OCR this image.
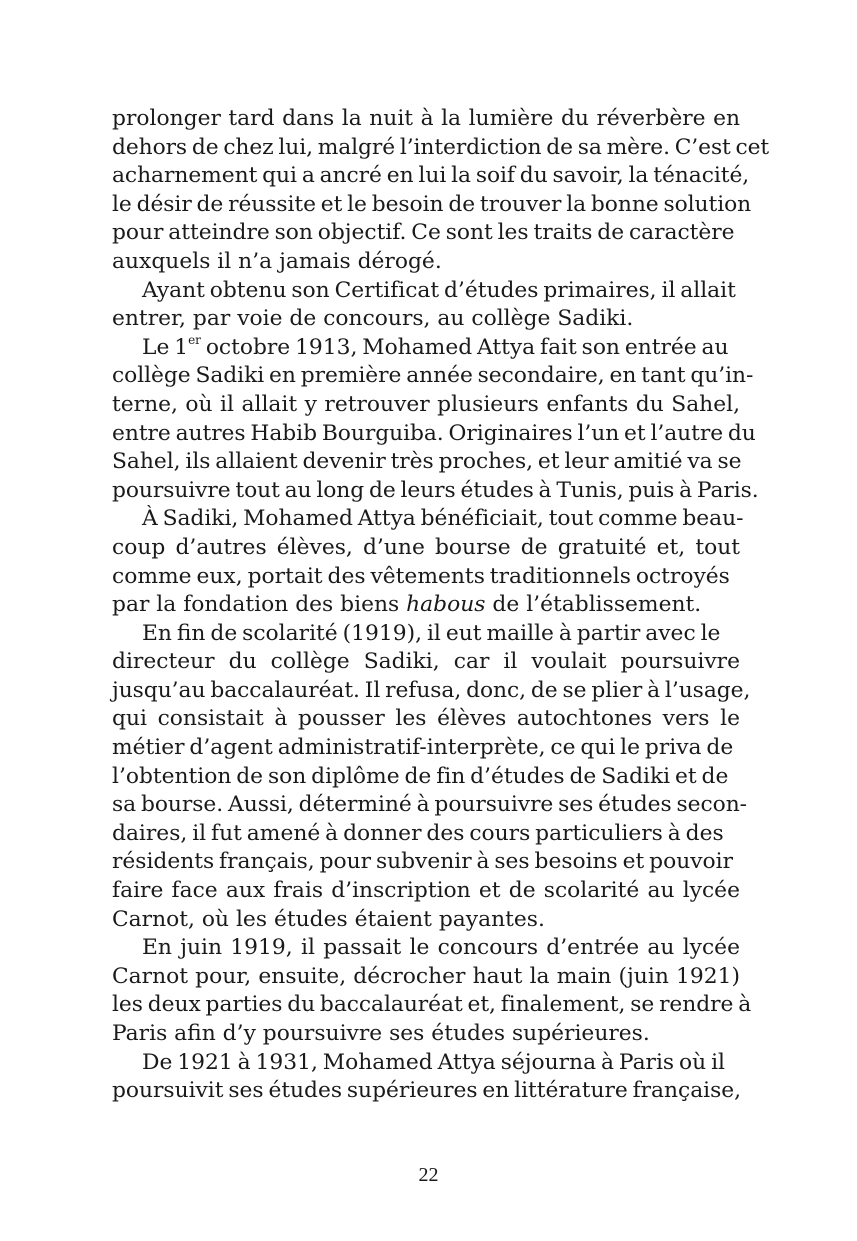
prolonger tard dans la nuit à la lumière du réverbère en
dehors de chez lui, malgré l’interdiction de sa mère. C’est cet
acharnement qui a ancré en lui la soif du savoir, la ténacité,
le désir de réussite et le besoin de trouver la bonne solution
pour atteindre son objectif. Ce sont les traits de caractère
auxquels il n’a jamais dérogé.
Ayant obtenu son Certificat d’études primaires, il allait
entrer, par voie de concours, au collège Sadiki.
Le 1er octobre 1913, Mohamed Attya fait son entrée au
collège Sadiki en première année secondaire, en tant qu’in-
terne, où il allait y retrouver plusieurs enfants du Sahel,
entre autres Habib Bourguiba. Originaires l’un et l’autre du
Sahel, ils allaient devenir très proches, et leur amitié va se
poursuivre tout au long de leurs études à Tunis, puis à Paris.
À Sadiki, Mohamed Attya bénéficiait, tout comme beau-
coup d’autres élèves, d’une bourse de gratuité et, tout
comme eux, portait des vêtements traditionnels octroyés
par la fondation des biens habous de l’établissement.
En fin de scolarité (1919), il eut maille à partir avec le
directeur du collège Sadiki, car il voulait poursuivre
jusqu’au baccalauréat. Il refusa, donc, de se plier à l’usage,
qui consistait à pousser les élèves autochtones vers le
métier d’agent administratif-interprète, ce qui le priva de
l’obtention de son diplôme de fin d’études de Sadiki et de
sa bourse. Aussi, déterminé à poursuivre ses études secon-
daires, il fut amené à donner des cours particuliers à des
résidents français, pour subvenir à ses besoins et pouvoir
faire face aux frais d’inscription et de scolarité au lycée
Carnot, où les études étaient payantes.
En juin 1919, il passait le concours d’entrée au lycée
Carnot pour, ensuite, décrocher haut la main (juin 1921)
les deux parties du baccalauréat et, finalement, se rendre à
Paris afin d’y poursuivre ses études supérieures.
De 1921 à 1931, Mohamed Attya séjourna à Paris où il
poursuivit ses études supérieures en littérature française,
22
